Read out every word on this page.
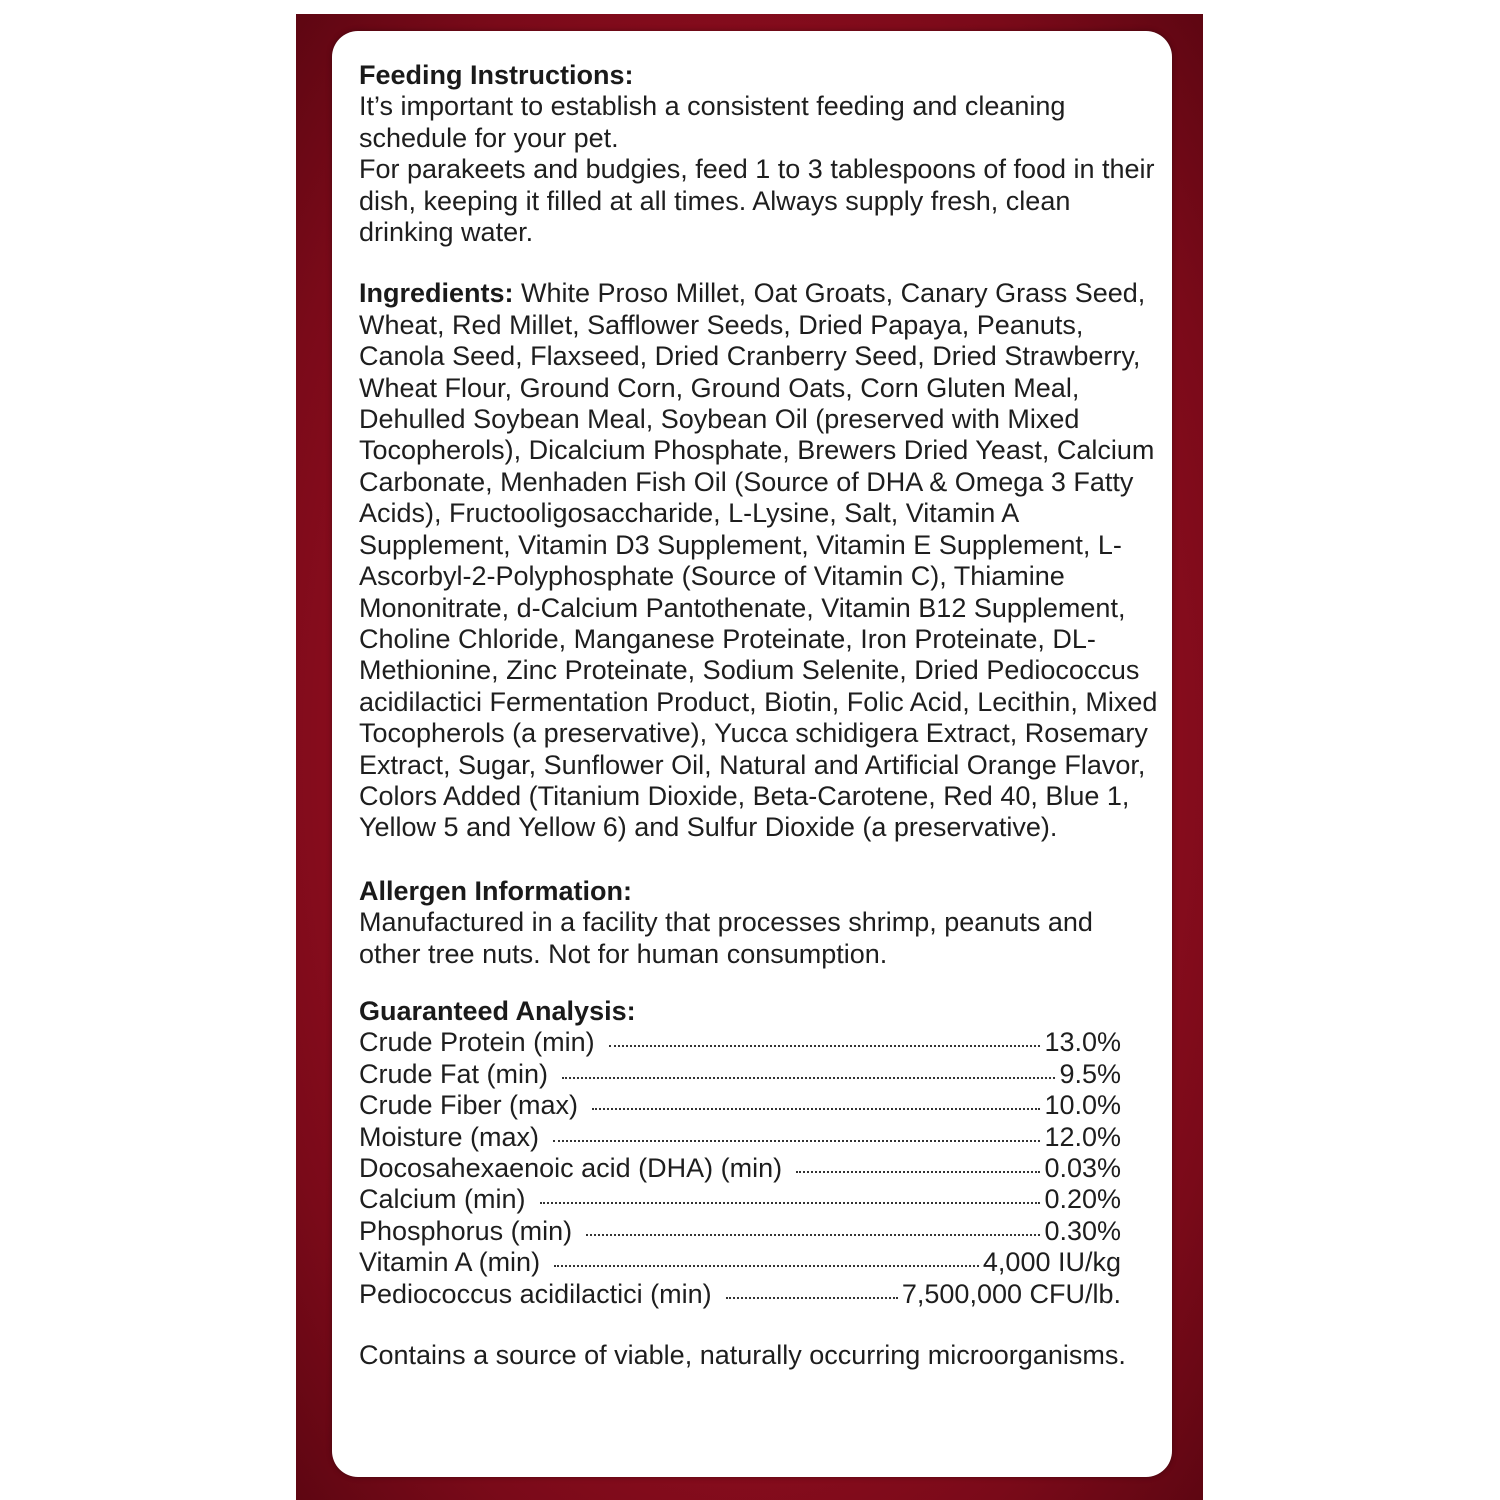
Feeding Instructions:
It’s important to establish a consistent feeding and cleaning schedule for your pet.
For parakeets and budgies, feed 1 to 3 tablespoons of food in their dish, keeping it filled at all times. Always supply fresh, clean drinking water.
Ingredients: White Proso Millet, Oat Groats, Canary Grass Seed, Wheat, Red Millet, Safflower Seeds, Dried Papaya, Peanuts, Canola Seed, Flaxseed, Dried Cranberry Seed, Dried Strawberry, Wheat Flour, Ground Corn, Ground Oats, Corn Gluten Meal, Dehulled Soybean Meal, Soybean Oil (preserved with Mixed Tocopherols), Dicalcium Phosphate, Brewers Dried Yeast, Calcium Carbonate, Menhaden Fish Oil (Source of DHA & Omega 3 Fatty Acids), Fructooligosaccharide, L-Lysine, Salt, Vitamin A Supplement, Vitamin D3 Supplement, Vitamin E Supplement, L-Ascorbyl-2-Polyphosphate (Source of Vitamin C), Thiamine Mononitrate, d-Calcium Pantothenate, Vitamin B12 Supplement, Choline Chloride, Manganese Proteinate, Iron Proteinate, DL-Methionine, Zinc Proteinate, Sodium Selenite, Dried Pediococcus acidilactici Fermentation Product, Biotin, Folic Acid, Lecithin, Mixed Tocopherols (a preservative), Yucca schidigera Extract, Rosemary Extract, Sugar, Sunflower Oil, Natural and Artificial Orange Flavor, Colors Added (Titanium Dioxide, Beta-Carotene, Red 40, Blue 1, Yellow 5 and Yellow 6) and Sulfur Dioxide (a preservative).
Allergen Information:
Manufactured in a facility that processes shrimp, peanuts and other tree nuts. Not for human consumption.
Guaranteed Analysis:
Crude Protein (min)	13.0%
Crude Fat (min)	9.5%
Crude Fiber (max)	10.0%
Moisture (max)	12.0%
Docosahexaenoic acid (DHA) (min)	0.03%
Calcium (min)	0.20%
Phosphorus (min)	0.30%
Vitamin A (min)	4,000 IU/kg
Pediococcus acidilactici (min)	7,500,000 CFU/lb.
Contains a source of viable, naturally occurring microorganisms.
